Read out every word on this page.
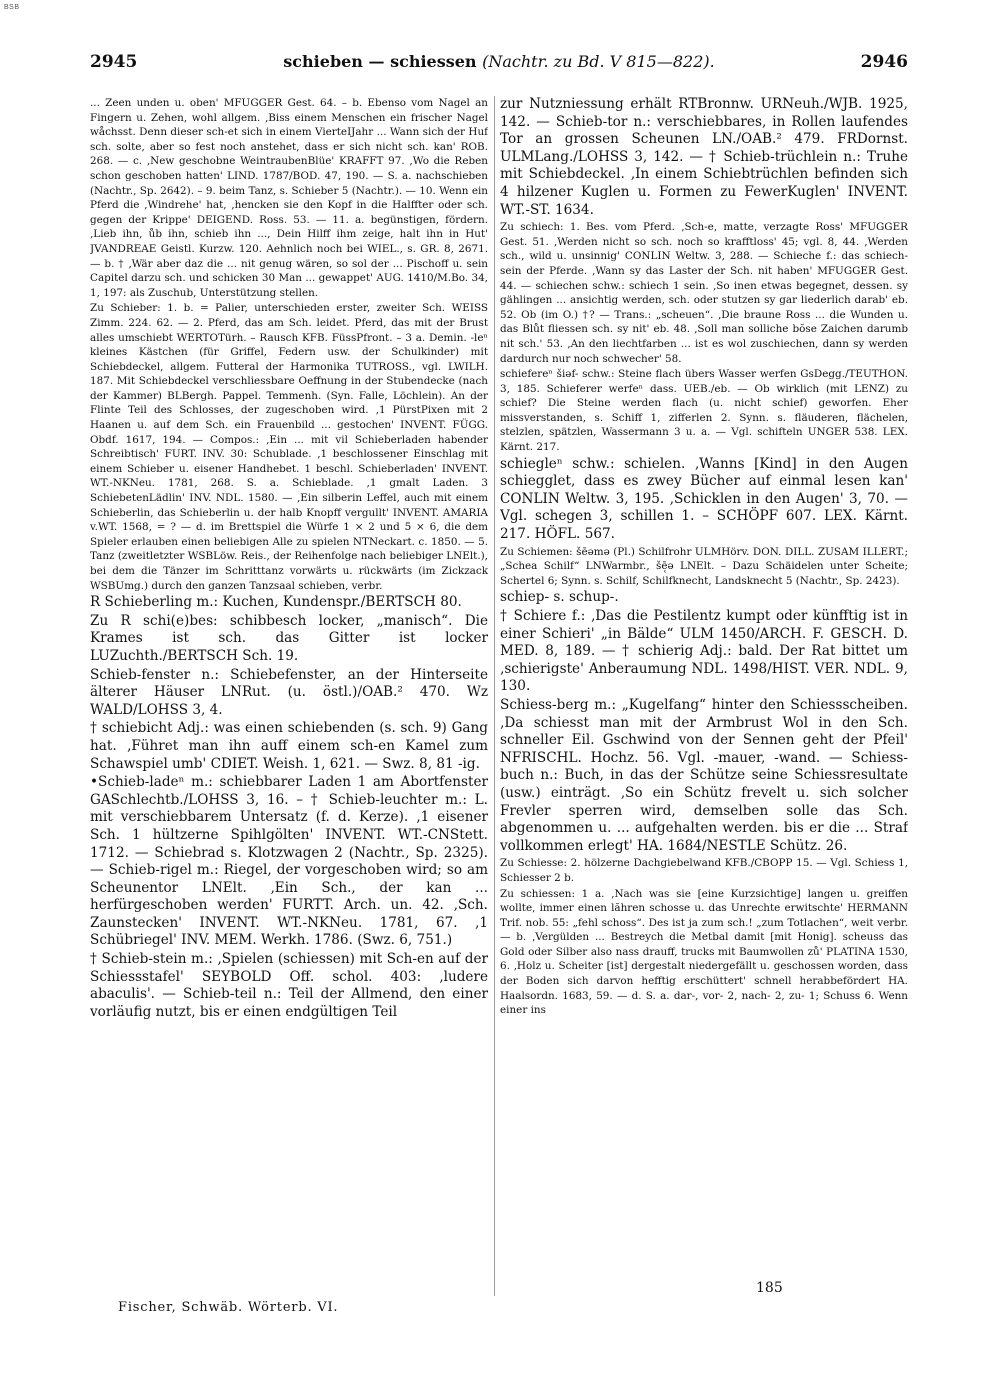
BSB
2945	schieben — schiessen (Nachtr. zu Bd. V 815—822).	2946

... Zeen unden u. oben' MFUGGER Gest. 64. – b. Ebenso vom Nagel an Fingern u. Zehen, wohl allgem. ‚Biss einem Menschen ein frischer Nagel wåchsst. Denn dieser sch-et sich in einem VierteIJahr ... Wann sich der Huf sch. solte, aber so fest noch anstehet, dass er sich nicht sch. kan' ROB. 268. — c. ‚New geschobne WeintraubenBlüe' KRAFFT 97. ‚Wo die Reben schon geschoben hatten' LIND. 1787/BOD. 47, 190. — S. a. nachschieben (Nachtr., Sp. 2642). – 9. beim Tanz, s. Schieber 5 (Nachtr.). — 10. Wenn ein Pferd die ‚Windrehe' hat, ‚hencken sie den Kopf in die Halffter oder sch. gegen der Krippe' DEIGEND. Ross. 53. — 11. a. begünstigen, fördern. ‚Lieb ihn, ůb ihn, schieb ihn ..., Dein Hilff ihm zeige, halt ihn in Hut' JVANDREAE Geistl. Kurzw. 120. Aehnlich noch bei WIEL., s. GR. 8, 2671. — b. † ‚Wär aber daz die ... nit genug wären, so sol der ... Pischoff u. sein Capitel darzu sch. und schicken 30 Man ... gewappet' AUG. 1410/M.Bo. 34, 1, 197: als Zuschub, Unterstützung stellen.

Zu Schieber: 1. b. = Palier, unterschieden erster, zweiter Sch. WEISS Zimm. 224. 62. — 2. Pferd, das am Sch. leidet. Pferd, das mit der Brust alles umschiebt WERTOTürh. – Rausch KFB. FüssPfront. – 3 a. Demin. -leⁿ kleines Kästchen (für Griffel, Federn usw. der Schulkinder) mit Schiebdeckel, allgem. Futteral der Harmonika TUTROSS., vgl. LWILH. 187. Mit Schiebdeckel verschliessbare Oeffnung in der Stubendecke (nach der Kammer) BLBergh. Pappel. Temmenh. (Syn. Falle, Löchlein). An der Flinte Teil des Schlosses, der zugeschoben wird. ‚1 PürstPixen mit 2 Haanen u. auf dem Sch. ein Frauenbild ... gestochen' INVENT. FÜGG. Obdf. 1617, 194. — Compos.: ‚Ein ... mit vil Schieberladen habender Schreibtisch' FURT. INV. 30: Schublade. ‚1 beschlossener Einschlag mit einem Schieber u. eisener Handhebet. 1 beschl. Schieberladen' INVENT. WT.-NKNeu. 1781, 268. S. a. Schieblade. ‚1 gmalt Laden. 3 SchiebetenLädlin' INV. NDL. 1580. — ‚Ein silberin Leffel, auch mit einem Schieberlin, das Schieberlin u. der halb Knopff vergullt' INVENT. AMARIA v.WT. 1568, = ? — d. im Brettspiel die Würfe 1 × 2 und 5 × 6, die dem Spieler erlauben einen beliebigen Alle zu spielen NTNeckart. c. 1850. — 5. Tanz (zweitletzter WSBLöw. Reis., der Reihenfolge nach beliebiger LNElt.), bei dem die Tänzer im Schritttanz vorwärts u. rückwärts (im Zickzack WSBUmg.) durch den ganzen Tanzsaal schieben, verbr.

R Schieberling m.: Kuchen, Kundenspr./BERTSCH 80.

Zu R schi(e)bes: schibbesch locker, „manisch“. Die Krames ist sch. das Gitter ist locker LUZuchth./BERTSCH Sch. 19.

Schieb-fenster n.: Schiebefenster, an der Hinterseite älterer Häuser LNRut. (u. östl.)/OAB.² 470. Wz WALD/LOHSS 3, 4.

† schiebicht Adj.: was einen schiebenden (s. sch. 9) Gang hat. ‚Führet man ihn auff einem sch-en Kamel zum Schawspiel umb' CDIET. Weish. 1, 621. — Swz. 8, 81 -ig.

•Schieb-ladeⁿ m.: schiebbarer Laden 1 am Abortfenster GASchlechtb./LOHSS 3, 16. – † Schieb-leuchter m.: L. mit verschiebbarem Untersatz (f. d. Kerze). ‚1 eisener Sch. 1 hültzerne Spihlgölten' INVENT. WT.-CNStett. 1712. — Schiebrad s. Klotzwagen 2 (Nachtr., Sp. 2325). — Schieb-rigel m.: Riegel, der vorgeschoben wird; so am Scheunentor LNElt. ‚Ein Sch., der kan ... herfürgeschoben werden' FURTT. Arch. un. 42. ‚Sch. Zaunstecken' INVENT. WT.-NKNeu. 1781, 67. ‚1 Schübriegel' INV. MEM. Werkh. 1786. (Swz. 6, 751.)

† Schieb-stein m.: ‚Spielen (schiessen) mit Sch-en auf der Schiessstafel' SEYBOLD Off. schol. 403: ‚ludere abaculis'. — Schieb-teil n.: Teil der Allmend, den einer vorläufig nutzt, bis er einen endgültigen Teil

zur Nutzniessung erhält RTBronnw. URNeuh./WJB. 1925, 142. — Schieb-tor n.: verschiebbares, in Rollen laufendes Tor an grossen Scheunen LN./OAB.² 479. FRDornst. ULMLang./LOHSS 3, 142. — † Schieb-trüchlein n.: Truhe mit Schiebdeckel. ‚In einem Schiebtrüchlen befinden sich 4 hilzener Kuglen u. Formen zu FewerKuglen' INVENT. WT.-ST. 1634.

Zu schiech: 1. Bes. vom Pferd. ‚Sch-e, matte, verzagte Ross' MFUGGER Gest. 51. ‚Werden nicht so sch. noch so krafftloss' 45; vgl. 8, 44. ‚Werden sch., wild u. unsinnig' CONLIN Weltw. 3, 288. — Schieche f.: das schiech-sein der Pferde. ‚Wann sy das Laster der Sch. nit haben' MFUGGER Gest. 44. — schiechen schw.: schiech 1 sein. ‚So inen etwas begegnet, dessen. sy gählingen ... ansichtig werden, sch. oder stutzen sy gar liederlich darab' eb. 52. Ob (im O.) †? — Trans.: „scheuen“. ‚Die braune Ross ... die Wunden u. das Blůt fliessen sch. sy nit' eb. 48. ‚Soll man solliche bŏse Zaichen darumb nit sch.' 53. ‚An den liechtfarben ... ist es wol zuschiechen, dann sy werden dardurch nur noch schwecher' 58.

schiefereⁿ šiəf- schw.: Steine flach übers Wasser werfen GsDegg./TEUTHON. 3, 185. Schieferer werfeⁿ dass. UEB./eb. — Ob wirklich (mit LENZ) zu schief? Die Steine werden flach (u. nicht schief) geworfen. Eher missverstanden, s. Schiff 1, zifferlen 2. Synn. s. fläuderen, flächelen, stelzlen, spätzlen, Wassermann 3 u. a. — Vgl. schifteln UNGER 538. LEX. Kärnt. 217.

schiegleⁿ schw.: schielen. ‚Wanns [Kind] in den Augen schiegglet, dass es zwey Bücher auf einmal lesen kan' CONLIN Weltw. 3, 195. ‚Schicklen in den Augen' 3, 70. — Vgl. schegen 3, schillen 1. – SCHÖPF 607. LEX. Kärnt. 217. HÖFL. 567.

Zu Schiemen: šēəmə (Pl.) Schilfrohr ULMHörv. DON. DILL. ZUSAM ILLERT.; „Schea Schilf“ LNWarmbr., šē̜ə LNElt. – Dazu Schäidelen unter Scheite; Schertel 6; Synn. s. Schilf, Schilfknecht, Landsknecht 5 (Nachtr., Sp. 2423).

schiep- s. schup-.

† Schiere f.: ‚Das die Pestilentz kumpt oder künfftig ist in einer Schieri' „in Bälde“ ULM 1450/ARCH. F. GESCH. D. MED. 8, 189. — † schierig Adj.: bald. Der Rat bittet um ‚schierigste' Anberaumung NDL. 1498/HIST. VER. NDL. 9, 130.

Schiess-berg m.: „Kugelfang“ hinter den Schiessscheiben. ‚Da schiesst man mit der Armbrust Wol in den Sch. schneller Eil. Gschwind von der Sennen geht der Pfeil' NFRISCHL. Hochz. 56. Vgl. -mauer, -wand. — Schiess-buch n.: Buch, in das der Schütze seine Schiessresultate (usw.) einträgt. ‚So ein Schütz frevelt u. sich solcher Frevler sperren wird, demselben solle das Sch. abgenommen u. ... aufgehalten werden. bis er die ... Straf vollkommen erlegt' HA. 1684/NESTLE Schütz. 26.

Zu Schiesse: 2. hölzerne Dachgiebelwand KFB./CBOPP 15. — Vgl. Schiess 1, Schiesser 2 b.

Zu schiessen: 1 a. ‚Nach was sie [eine Kurzsichtige] langen u. greiffen wollte, immer einen lăhren schosse u. das Unrechte erwitschte' HERMANN Trif. nob. 55: „fehl schoss“. Des ist ja zum sch.! „zum Totlachen“, weit verbr. — b. ‚Vergülden ... Bestreych die Metbal damit [mit Honig]. scheuss das Gold oder Silber also nass drauff, trucks mit Baumwollen zů' PLATINA 1530, 6. ‚Holz u. Scheiter [ist] dergestalt niedergefällt u. geschossen worden, dass der Boden sich darvon hefftig erschüttert' schnell herabbefördert HA. Haalsordn. 1683, 59. — d. S. a. dar-, vor- 2, nach- 2, zu- 1; Schuss 6. Wenn einer ins

Fischer, Schwäb. Wörterb. VI.
185
